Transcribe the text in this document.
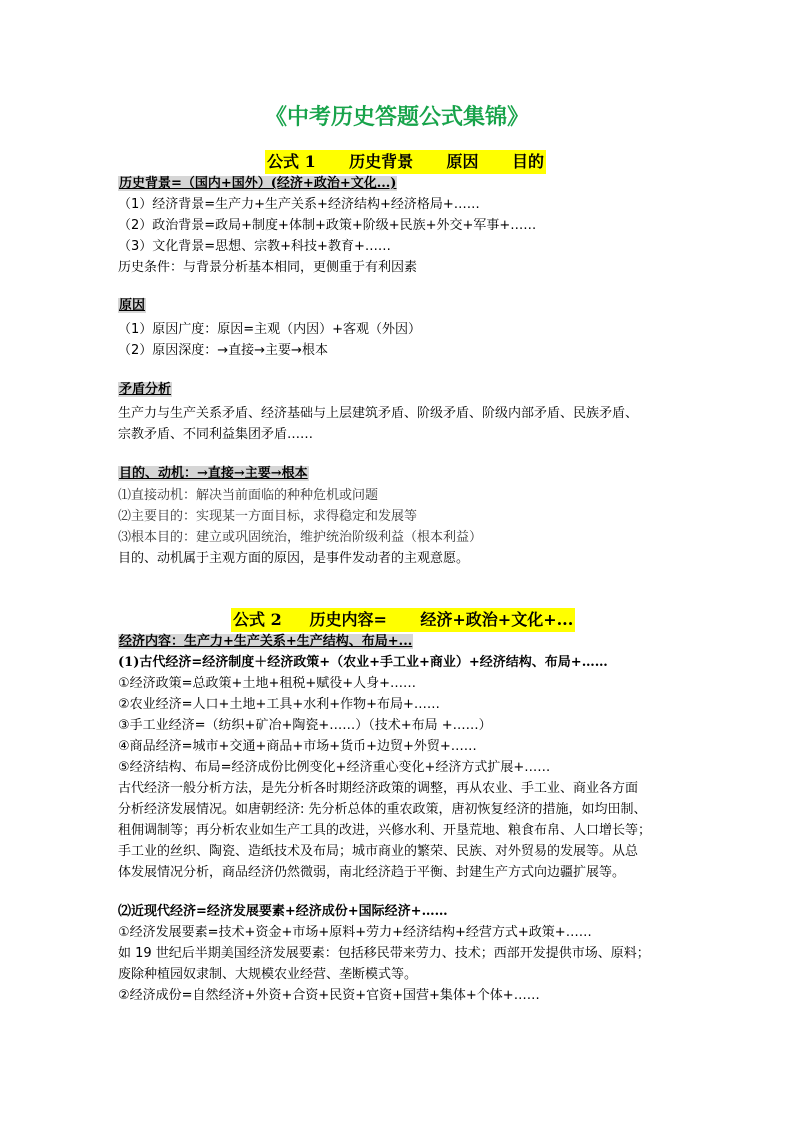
《中考历史答题公式集锦》
公式 1      历史背景      原因      目的
历史背景=（国内+国外）(经济+政治+文化...)
（1）经济背景=生产力+生产关系+经济结构+经济格局+……
（2）政治背景=政局+制度+体制+政策+阶级+民族+外交+军事+……
（3）文化背景=思想、宗教+科技+教育+……
历史条件：与背景分析基本相同，更侧重于有利因素
原因
（1）原因广度：原因=主观（内因）+客观（外因）
（2）原因深度：→直接→主要→根本
矛盾分析
生产力与生产关系矛盾、经济基础与上层建筑矛盾、阶级矛盾、阶级内部矛盾、民族矛盾、
宗教矛盾、不同利益集团矛盾……
目的、动机：→直接→主要→根本
⑴直接动机：解决当前面临的种种危机或问题
⑵主要目的：实现某一方面目标，求得稳定和发展等
⑶根本目的：建立或巩固统治，维护统治阶级利益（根本利益）
目的、动机属于主观方面的原因，是事件发动者的主观意愿。
公式 2     历史内容=      经济+政治+文化+...
经济内容：生产力+生产关系+生产结构、布局+...
(1)古代经济=经济制度＋经济政策+（农业+手工业+商业）+经济结构、布局+……
①经济政策=总政策+土地+租税+赋役+人身+……
②农业经济=人口+土地+工具+水利+作物+布局+……
③手工业经济=（纺织+矿冶+陶瓷+……）（技术+布局 +……）
④商品经济=城市+交通+商品+市场+货币+边贸+外贸+……
⑤经济结构、布局=经济成份比例变化+经济重心变化+经济方式扩展+……
古代经济一般分析方法，是先分析各时期经济政策的调整，再从农业、手工业、商业各方面
分析经济发展情况。如唐朝经济: 先分析总体的重农政策，唐初恢复经济的措施，如均田制、
租佣调制等；再分析农业如生产工具的改进，兴修水利、开垦荒地、粮食布帛、人口增长等；
手工业的丝织、陶瓷、造纸技术及布局；城市商业的繁荣、民族、对外贸易的发展等。从总
体发展情况分析，商品经济仍然微弱，南北经济趋于平衡、封建生产方式向边疆扩展等。
⑵近现代经济=经济发展要素+经济成份+国际经济+……
①经济发展要素=技术+资金+市场+原料+劳力+经济结构+经营方式+政策+……
如 19 世纪后半期美国经济发展要素：包括移民带来劳力、技术；西部开发提供市场、原料；
废除种植园奴隶制、大规模农业经营、垄断模式等。
②经济成份=自然经济+外资+合资+民资+官资+国营+集体+个体+……
